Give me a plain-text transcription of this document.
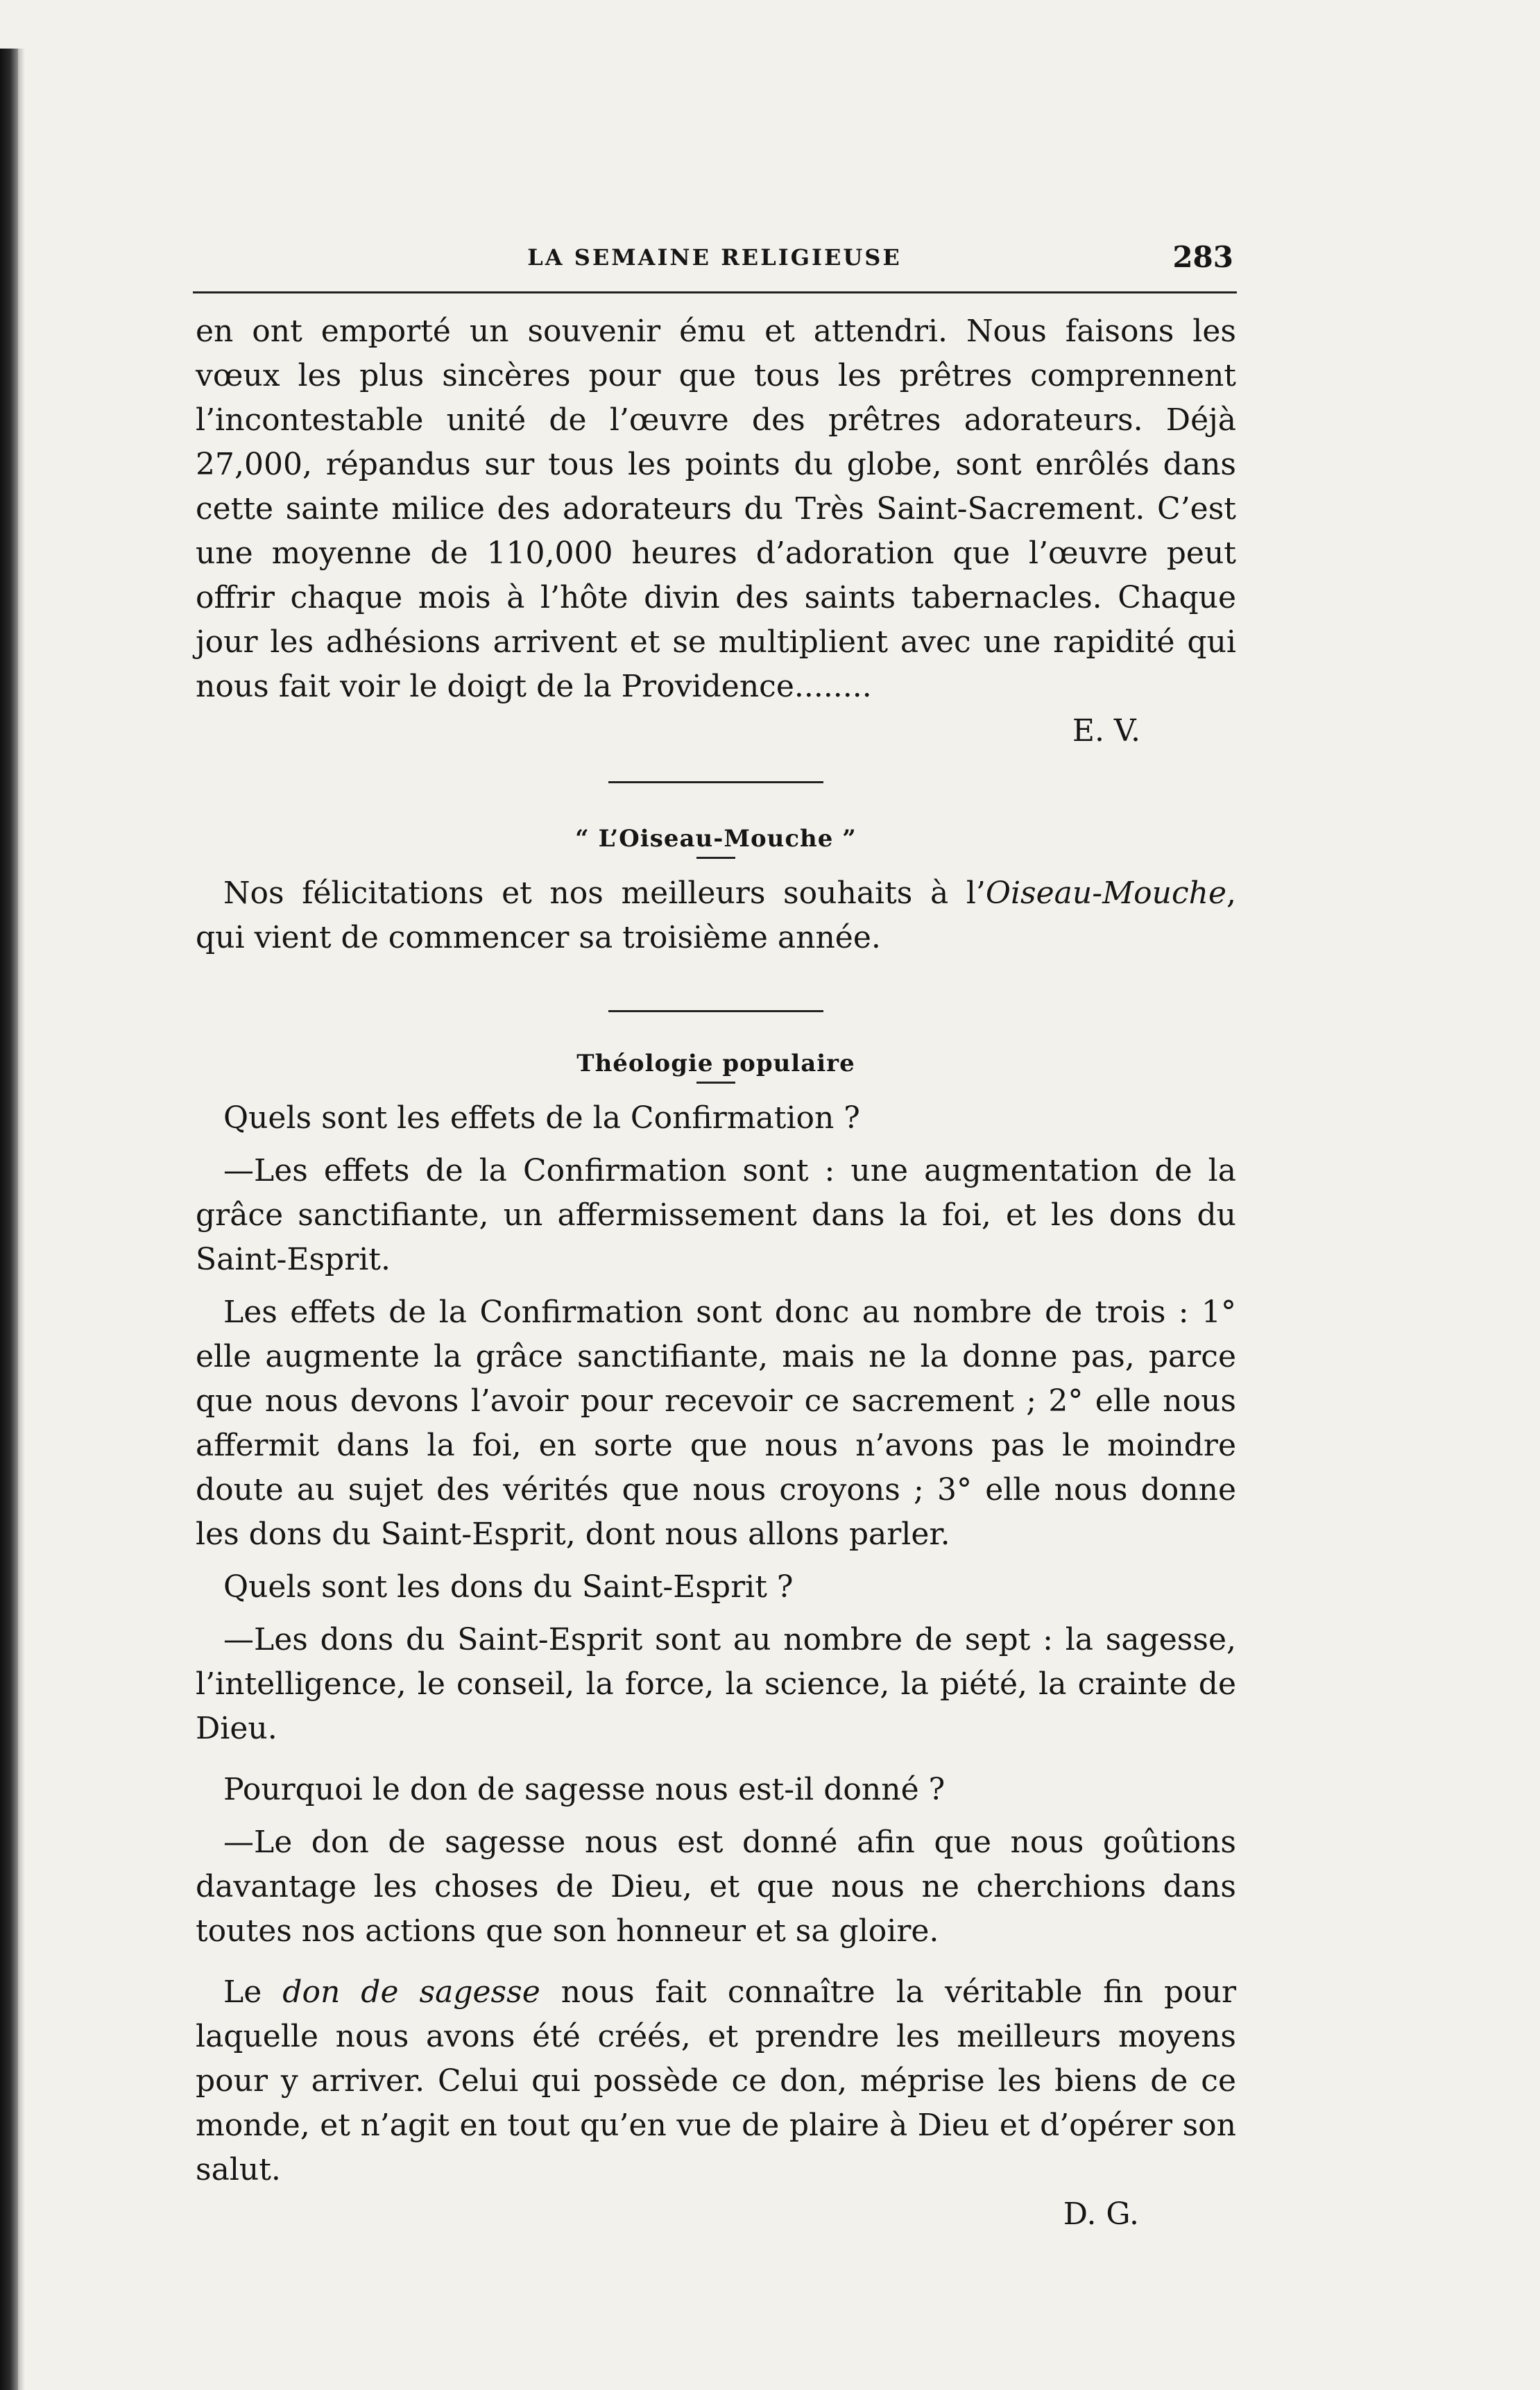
LA SEMAINE RELIGIEUSE	283

en ont emporté un souvenir ému et attendri. Nous faisons les vœux les plus sincères pour que tous les prêtres comprennent l’incontestable unité de l’œuvre des prêtres adorateurs. Déjà 27,000, répandus sur tous les points du globe, sont enrôlés dans cette sainte milice des adorateurs du Très Saint-Sacrement. C’est une moyenne de 110,000 heures d’adoration que l’œuvre peut offrir chaque mois à l’hôte divin des saints tabernacles. Chaque jour les adhésions arrivent et se multiplient avec une rapidité qui nous fait voir le doigt de la Providence........

E. V.
“ L’Oiseau-Mouche ”

Nos félicitations et nos meilleurs souhaits à l’Oiseau-Mouche, qui vient de commencer sa troisième année.

Théologie populaire

Quels sont les effets de la Confirmation ?

—Les effets de la Confirmation sont : une augmentation de la grâce sanctifiante, un affermissement dans la foi, et les dons du Saint-Esprit.

Les effets de la Confirmation sont donc au nombre de trois : 1° elle augmente la grâce sanctifiante, mais ne la donne pas, parce que nous devons l’avoir pour recevoir ce sacrement ; 2° elle nous affermit dans la foi, en sorte que nous n’avons pas le moindre doute au sujet des vérités que nous croyons ; 3° elle nous donne les dons du Saint-Esprit, dont nous allons parler.

Quels sont les dons du Saint-Esprit ?

—Les dons du Saint-Esprit sont au nombre de sept : la sagesse, l’intelligence, le conseil, la force, la science, la piété, la crainte de Dieu.

Pourquoi le don de sagesse nous est-il donné ?

—Le don de sagesse nous est donné afin que nous goûtions davantage les choses de Dieu, et que nous ne cherchions dans toutes nos actions que son honneur et sa gloire.

Le don de sagesse nous fait connaître la véritable fin pour laquelle nous avons été créés, et prendre les meilleurs moyens pour y arriver. Celui qui possède ce don, méprise les biens de ce monde, et n’agit en tout qu’en vue de plaire à Dieu et d’opérer son salut.

D. G.
